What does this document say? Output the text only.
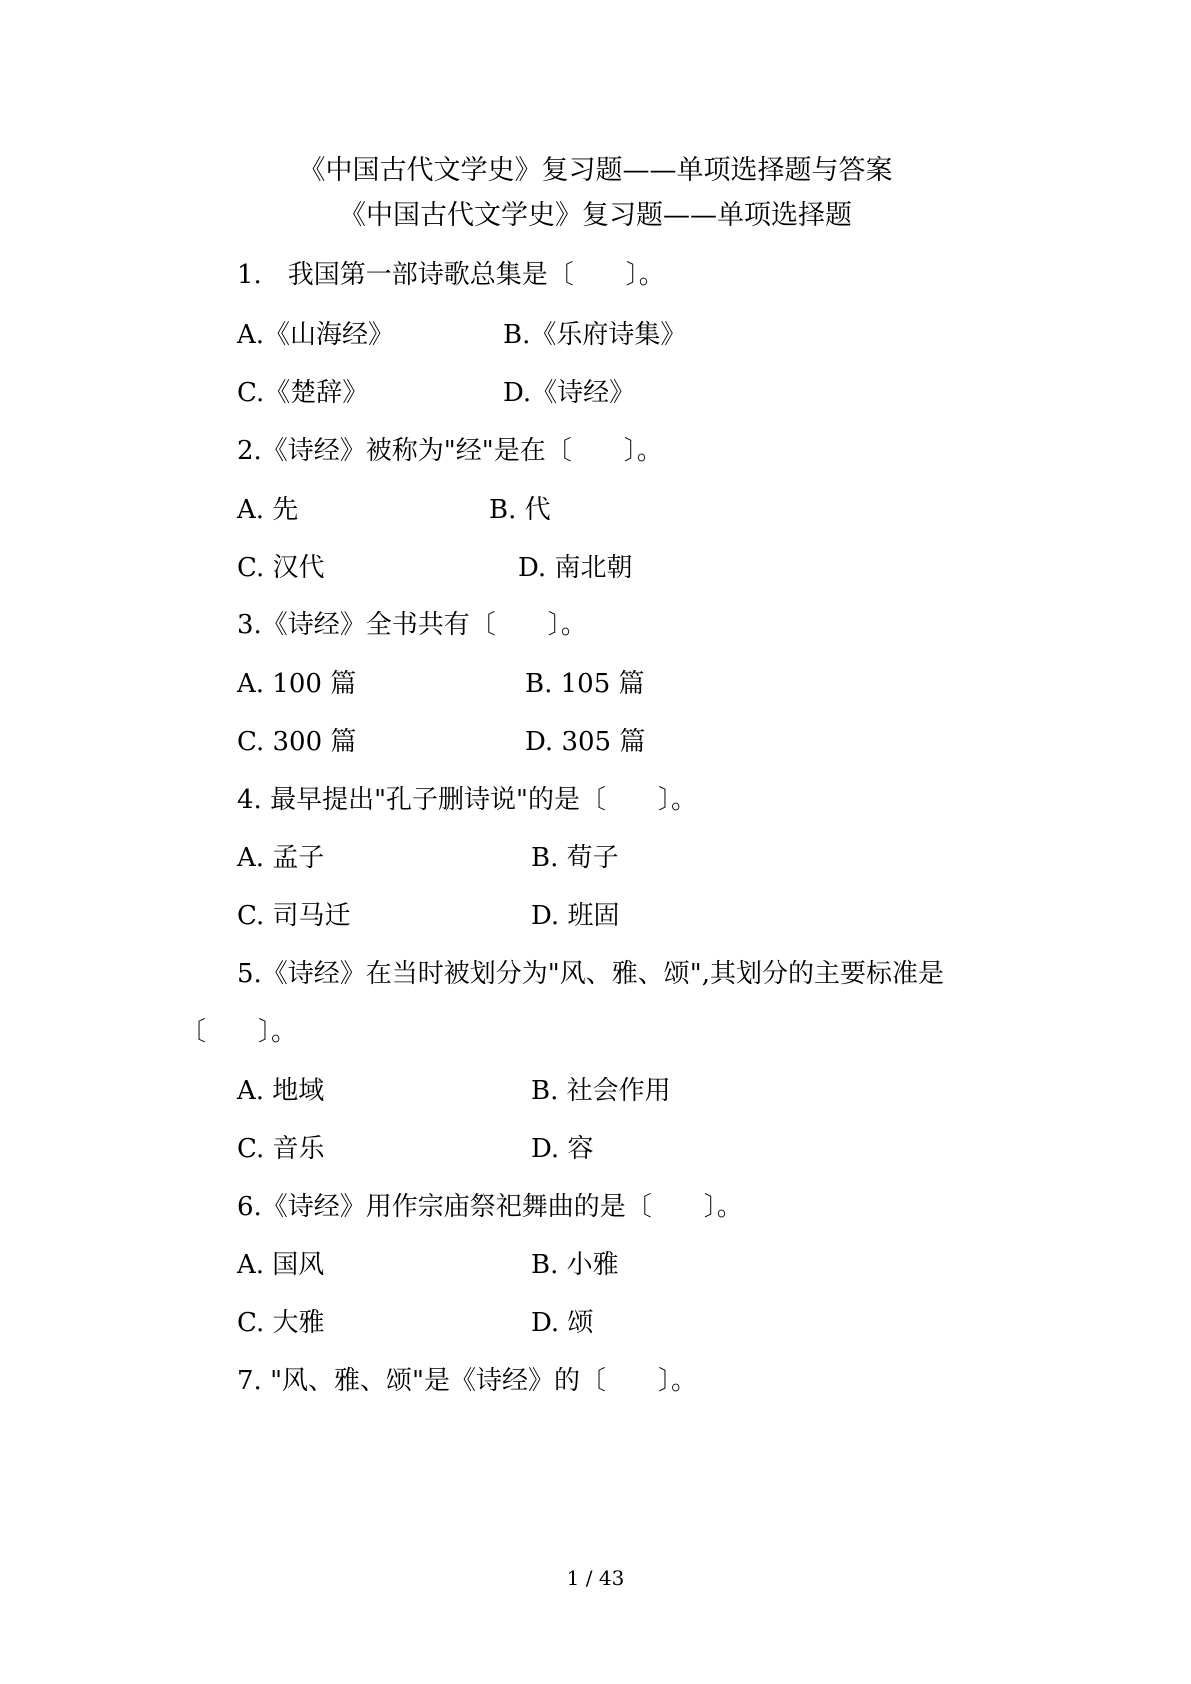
《中国古代文学史》复习题——单项选择题与答案
《中国古代文学史》复习题——单项选择题
1.　我国第一部诗歌总集是〔　　〕。
A.《山海经》	B.《乐府诗集》
C.《楚辞》	D.《诗经》
2.《诗经》被称为"经"是在〔　　〕。
A. 先	B. 代
C. 汉代	D. 南北朝
3.《诗经》全书共有〔　　〕。
A. 100 篇	B. 105 篇
C. 300 篇	D. 305 篇
4. 最早提出"孔子删诗说"的是〔　　〕。
A. 孟子	B. 荀子
C. 司马迁	D. 班固
5.《诗经》在当时被划分为"风、雅、颂",其划分的主要标准是
〔　　〕。
A. 地域	B. 社会作用
C. 音乐	D. 容
6.《诗经》用作宗庙祭祀舞曲的是〔　　〕。
A. 国风	B. 小雅
C. 大雅	D. 颂
7. "风、雅、颂"是《诗经》的〔　　〕。
1 / 43
